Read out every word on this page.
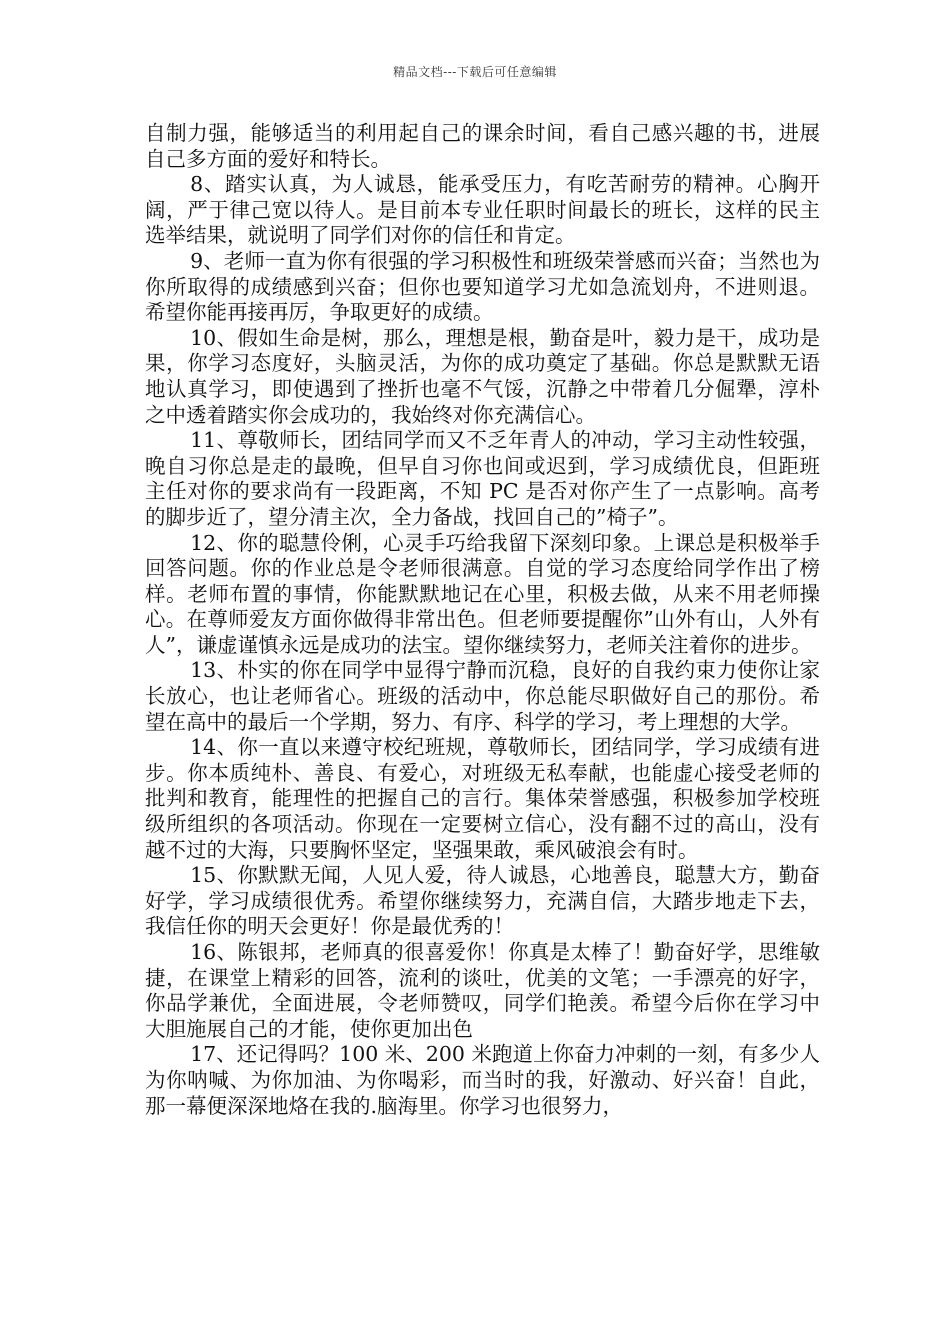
精品文档---下载后可任意编辑

自制力强，能够适当的利用起自己的课余时间，看自己感兴趣的书，进展自己多方面的爱好和特长。

8、踏实认真，为人诚恳，能承受压力，有吃苦耐劳的精神。心胸开阔，严于律己宽以待人。是目前本专业任职时间最长的班长，这样的民主选举结果，就说明了同学们对你的信任和肯定。

9、老师一直为你有很强的学习积极性和班级荣誉感而兴奋；当然也为你所取得的成绩感到兴奋；但你也要知道学习尤如急流划舟，不进则退。希望你能再接再厉，争取更好的成绩。

10、假如生命是树，那么，理想是根，勤奋是叶，毅力是干，成功是果，你学习态度好，头脑灵活，为你的成功奠定了基础。你总是默默无语地认真学习，即使遇到了挫折也毫不气馁，沉静之中带着几分倔犟，淳朴之中透着踏实你会成功的，我始终对你充满信心。

11、尊敬师长，团结同学而又不乏年青人的冲动，学习主动性较强，晚自习你总是走的最晚，但早自习你也间或迟到，学习成绩优良，但距班主任对你的要求尚有一段距离，不知 PC 是否对你产生了一点影响。高考的脚步近了，望分清主次，全力备战，找回自己的”椅子”。

12、你的聪慧伶俐，心灵手巧给我留下深刻印象。上课总是积极举手回答问题。你的作业总是令老师很满意。自觉的学习态度给同学作出了榜样。老师布置的事情，你能默默地记在心里，积极去做，从来不用老师操心。在尊师爱友方面你做得非常出色。但老师要提醒你”山外有山，人外有人”，谦虚谨慎永远是成功的法宝。望你继续努力，老师关注着你的进步。

13、朴实的你在同学中显得宁静而沉稳，良好的自我约束力使你让家长放心，也让老师省心。班级的活动中，你总能尽职做好自己的那份。希望在高中的最后一个学期，努力、有序、科学的学习，考上理想的大学。

14、你一直以来遵守校纪班规，尊敬师长，团结同学，学习成绩有进步。你本质纯朴、善良、有爱心，对班级无私奉献，也能虚心接受老师的批判和教育，能理性的把握自己的言行。集体荣誉感强，积极参加学校班级所组织的各项活动。你现在一定要树立信心，没有翻不过的高山，没有越不过的大海，只要胸怀坚定，坚强果敢，乘风破浪会有时。

15、你默默无闻，人见人爱，待人诚恳，心地善良，聪慧大方，勤奋好学，学习成绩很优秀。希望你继续努力，充满自信，大踏步地走下去，我信任你的明天会更好！你是最优秀的！

16、陈银邦，老师真的很喜爱你！你真是太棒了！勤奋好学，思维敏捷，在课堂上精彩的回答，流利的谈吐，优美的文笔；一手漂亮的好字，你品学兼优，全面进展，令老师赞叹，同学们艳羡。希望今后你在学习中大胆施展自己的才能，使你更加出色

17、还记得吗？100 米、200 米跑道上你奋力冲刺的一刻，有多少人为你呐喊、为你加油、为你喝彩，而当时的我，好激动、好兴奋！自此，那一幕便深深地烙在我的.脑海里。你学习也很努力，
